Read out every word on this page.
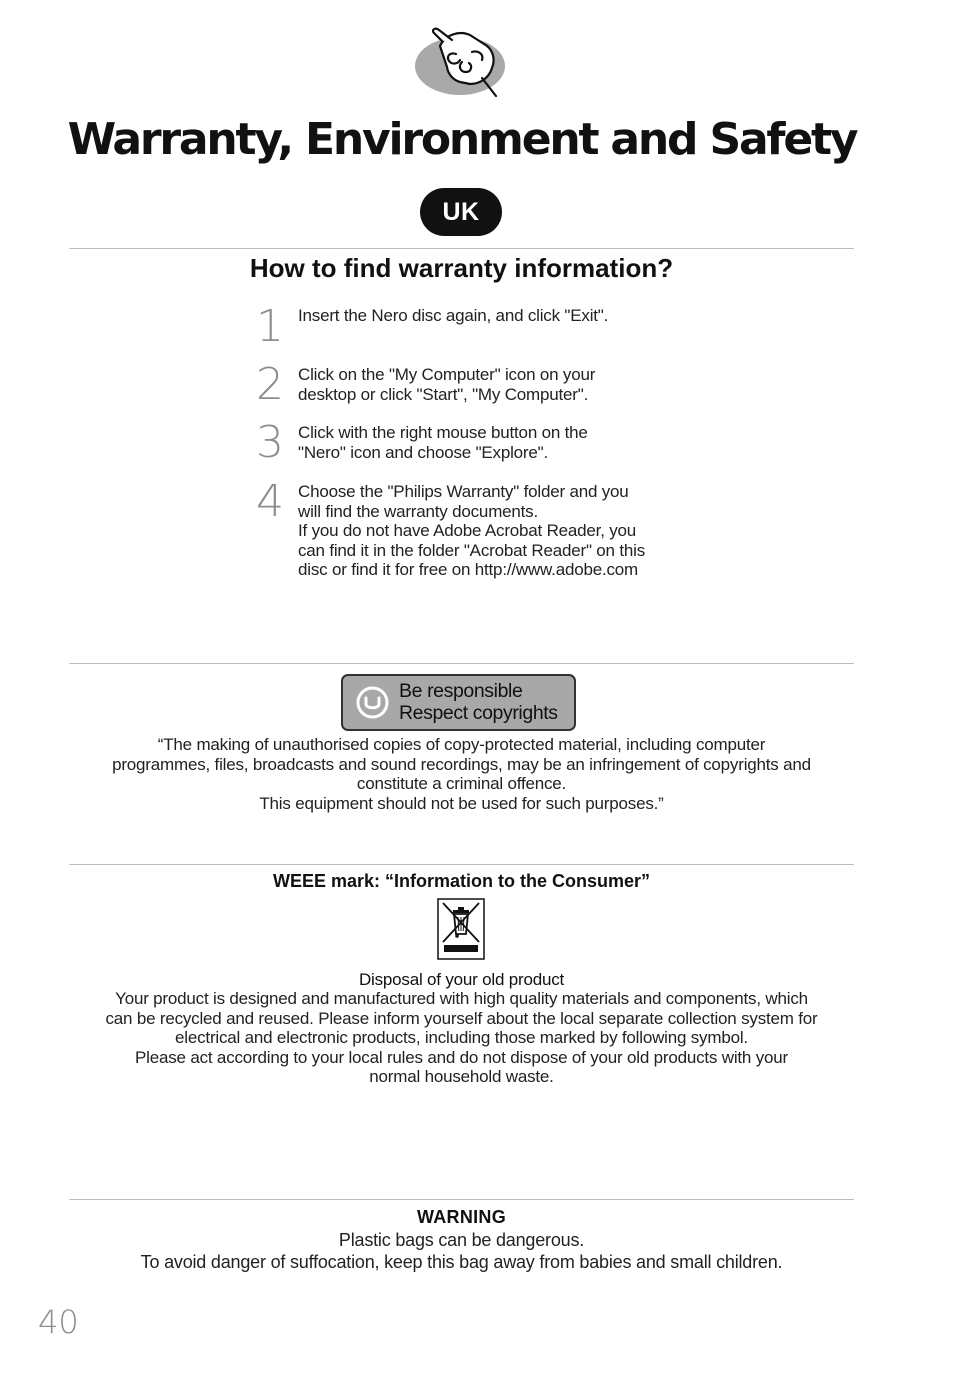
Warranty, Environment and Safety
UK
How to find warranty information?
1 Insert the Nero disc again, and click "Exit".
2 Click on the "My Computer" icon on your
desktop or click "Start", "My Computer".
3 Click with the right mouse button on the
"Nero" icon and choose "Explore".
4 Choose the "Philips Warranty" folder and you
will find the warranty documents.
If you do not have Adobe Acrobat Reader, you
can find it in the folder "Acrobat Reader" on this
disc or find it for free on http://www.adobe.com
Be responsible
Respect copyrights
“The making of unauthorised copies of copy-protected material, including computer
programmes, files, broadcasts and sound recordings, may be an infringement of copyrights and
constitute a criminal offence.
This equipment should not be used for such purposes.”
WEEE mark: “Information to the Consumer”
Disposal of your old product
Your product is designed and manufactured with high quality materials and components, which
can be recycled and reused. Please inform yourself about the local separate collection system for
electrical and electronic products, including those marked by following symbol.
Please act according to your local rules and do not dispose of your old products with your
normal household waste.
WARNING
Plastic bags can be dangerous.
To avoid danger of suffocation, keep this bag away from babies and small children.
40
